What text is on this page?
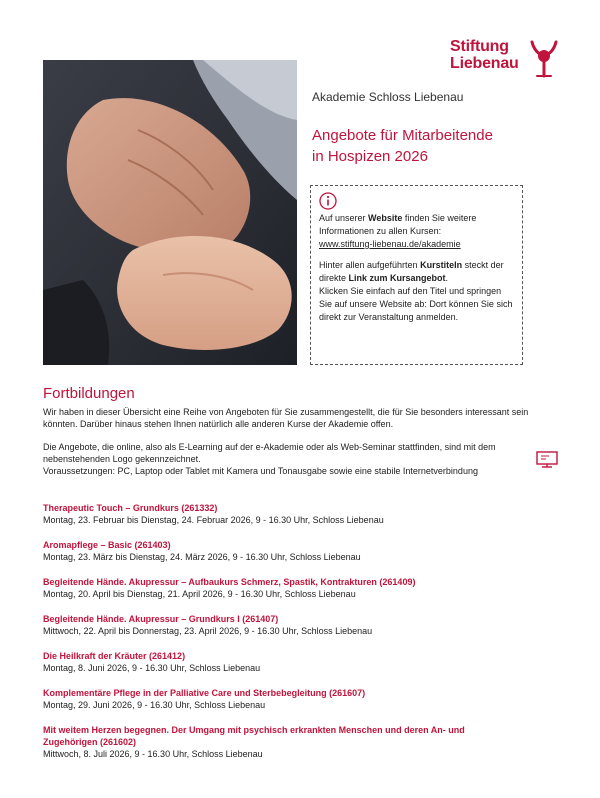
Stiftung
Liebenau
Akademie Schloss Liebenau
Angebote für Mitarbeitende
in Hospizen 2026

Auf unserer Website finden Sie weitere Informationen zu allen Kursen:
www.stiftung-liebenau.de/akademie

Hinter allen aufgeführten Kurstiteln steckt der direkte Link zum Kursangebot.
Klicken Sie einfach auf den Titel und springen Sie auf unsere Website ab: Dort können Sie sich direkt zur Veranstaltung anmelden.

Fortbildungen

Wir haben in dieser Übersicht eine Reihe von Angeboten für Sie zusammengestellt, die für Sie besonders interessant sein könnten. Darüber hinaus stehen Ihnen natürlich alle anderen Kurse der Akademie offen.

Die Angebote, die online, also als E-Learning auf der e-Akademie oder als Web-Seminar stattfinden, sind mit dem nebenstehenden Logo gekennzeichnet.

Voraussetzungen: PC, Laptop oder Tablet mit Kamera und Tonausgabe sowie eine stabile Internetverbindung

Therapeutic Touch – Grundkurs (261332)
Montag, 23. Februar bis Dienstag, 24. Februar 2026, 9 - 16.30 Uhr, Schloss Liebenau
Aromapflege – Basic (261403)
Montag, 23. März bis Dienstag, 24. März 2026, 9 - 16.30 Uhr, Schloss Liebenau
Begleitende Hände. Akupressur – Aufbaukurs Schmerz, Spastik, Kontrakturen (261409)
Montag, 20. April bis Dienstag, 21. April 2026, 9 - 16.30 Uhr, Schloss Liebenau
Begleitende Hände. Akupressur – Grundkurs I (261407)
Mittwoch, 22. April bis Donnerstag, 23. April 2026, 9 - 16.30 Uhr, Schloss Liebenau
Die Heilkraft der Kräuter (261412)
Montag, 8. Juni 2026, 9 - 16.30 Uhr, Schloss Liebenau
Komplementäre Pflege in der Palliative Care und Sterbebegleitung (261607)
Montag, 29. Juni 2026, 9 - 16.30 Uhr, Schloss Liebenau
Mit weitem Herzen begegnen. Der Umgang mit psychisch erkrankten Menschen und deren An- und Zugehörigen (261602)
Mittwoch, 8. Juli 2026, 9 - 16.30 Uhr, Schloss Liebenau
